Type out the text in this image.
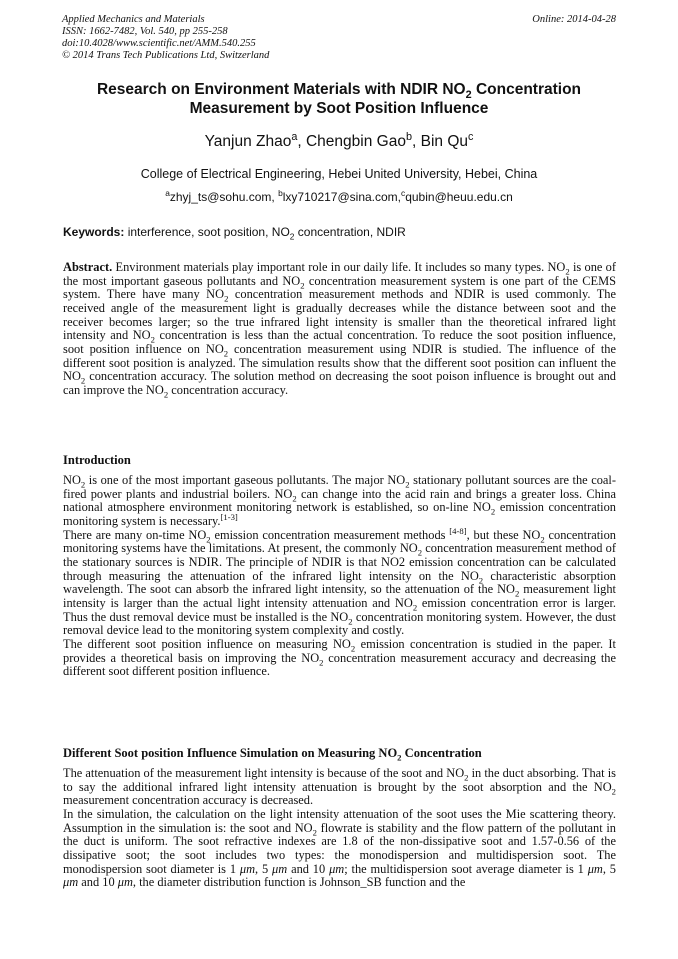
Applied Mechanics and Materials
ISSN: 1662-7482, Vol. 540, pp 255-258
doi:10.4028/www.scientific.net/AMM.540.255
© 2014 Trans Tech Publications Ltd, Switzerland
Online: 2014-04-28
Research on Environment Materials with NDIR $NO_2$ Concentration
Measurement by Soot Position Influence
Yanjun Zhao$^a$, Chengbin Gao$^b$, Bin Qu$^c$
College of Electrical Engineering, Hebei United University, Hebei, China
$^a$zhyj_ts@sohu.com, $^b$lxy710217@sina.com,$^c$qubin@heuu.edu.cn
Keywords: interference, soot position, $NO_2$ concentration, NDIR

Abstract. Environment materials play important role in our daily life. It includes so many types. $NO_2$ is one of the most important gaseous pollutants and $NO_2$ concentration measurement system is one part of the CEMS system. There have many $NO_2$ concentration measurement methods and NDIR is used commonly. The received angle of the measurement light is gradually decreases while the distance between soot and the receiver becomes larger; so the true infrared light intensity is smaller than the theoretical infrared light intensity and $NO_2$ concentration is less than the actual concentration. To reduce the soot position influence, soot position influence on $NO_2$ concentration measurement using NDIR is studied. The influence of the different soot position is analyzed. The simulation results show that the different soot position can influent the $NO_2$ concentration accuracy. The solution method on decreasing the soot poison influence is brought out and can improve the $NO_2$ concentration accuracy.

Introduction

$NO_2$ is one of the most important gaseous pollutants. The major $NO_2$ stationary pollutant sources are the coal-fired power plants and industrial boilers. $NO_2$ can change into the acid rain and brings a greater loss. China national atmosphere environment monitoring network is established, so on-line $NO_2$ emission concentration monitoring system is necessary.[1-3]

There are many on-time $NO_2$ emission concentration measurement methods [4-8], but these $NO_2$ concentration monitoring systems have the limitations. At present, the commonly $NO_2$ concentration measurement method of the stationary sources is NDIR. The principle of NDIR is that NO2 emission concentration can be calculated through measuring the attenuation of the infrared light intensity on the $NO_2$ characteristic absorption wavelength. The soot can absorb the infrared light intensity, so the attenuation of the $NO_2$ measurement light intensity is larger than the actual light intensity attenuation and $NO_2$ emission concentration error is larger. Thus the dust removal device must be installed is the $NO_2$ concentration monitoring system. However, the dust removal device lead to the monitoring system complexity and costly.

The different soot position influence on measuring $NO_2$ emission concentration is studied in the paper. It provides a theoretical basis on improving the $NO_2$ concentration measurement accuracy and decreasing the different soot different position influence.

Different Soot position Influence Simulation on Measuring $NO_2$ Concentration

The attenuation of the measurement light intensity is because of the soot and $NO_2$ in the duct absorbing. That is to say the additional infrared light intensity attenuation is brought by the soot absorption and the $NO_2$ measurement concentration accuracy is decreased.

In the simulation, the calculation on the light intensity attenuation of the soot uses the Mie scattering theory. Assumption in the simulation is: the soot and $NO_2$ flowrate is stability and the flow pattern of the pollutant in the duct is uniform. The soot refractive indexes are 1.8 of the non-dissipative soot and 1.57-0.56 of the dissipative soot; the soot includes two types: the monodispersion and multidispersion soot. The monodispersion soot diameter is 1 μm, 5 μm and 10 μm; the multidispersion soot average diameter is 1 μm, 5 μm and 10 μm, the diameter distribution function is Johnson_SB function and the
